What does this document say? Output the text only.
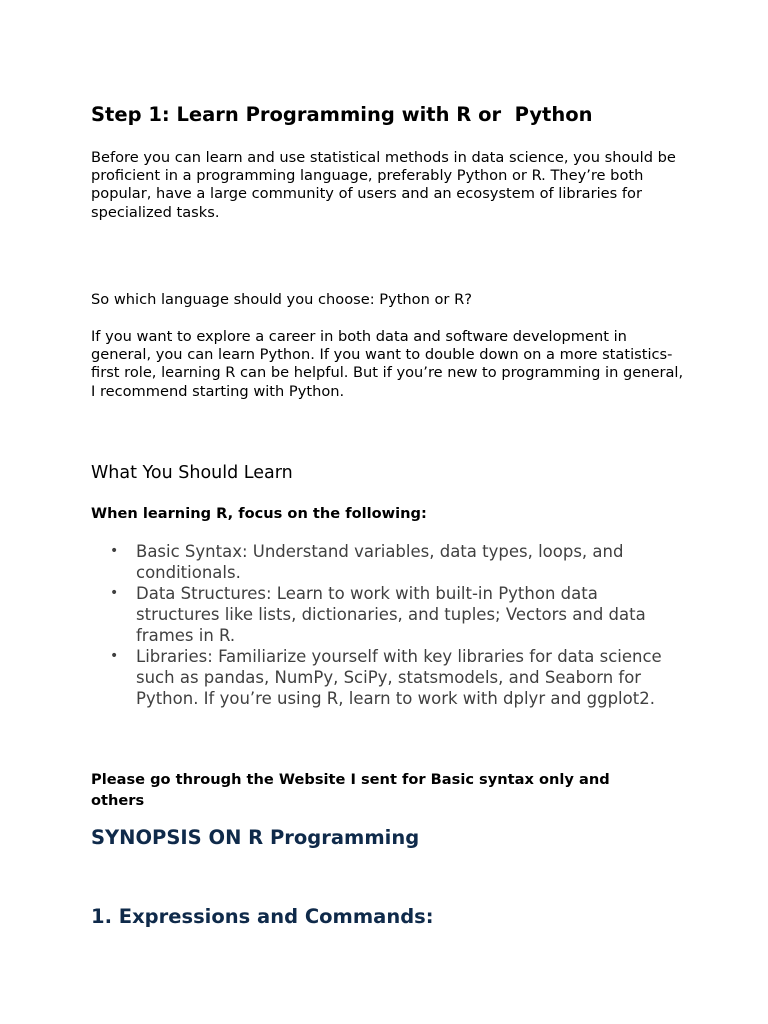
Step 1: Learn Programming with R or  Python

Before you can learn and use statistical methods in data science, you should be proficient in a programming language, preferably Python or R. They’re both popular, have a large community of users and an ecosystem of libraries for specialized tasks.

So which language should you choose: Python or R?

If you want to explore a career in both data and software development in general, you can learn Python. If you want to double down on a more statistics-first role, learning R can be helpful. But if you’re new to programming in general, I recommend starting with Python.

What You Should Learn

When learning R, focus on the following:

• Basic Syntax: Understand variables, data types, loops, and conditionals.
• Data Structures: Learn to work with built-in Python data structures like lists, dictionaries, and tuples; Vectors and data frames in R.
• Libraries: Familiarize yourself with key libraries for data science such as pandas, NumPy, SciPy, statsmodels, and Seaborn for Python. If you’re using R, learn to work with dplyr and ggplot2.

Please go through the Website I sent for Basic syntax only and others

SYNOPSIS ON R Programming
1. Expressions and Commands:
